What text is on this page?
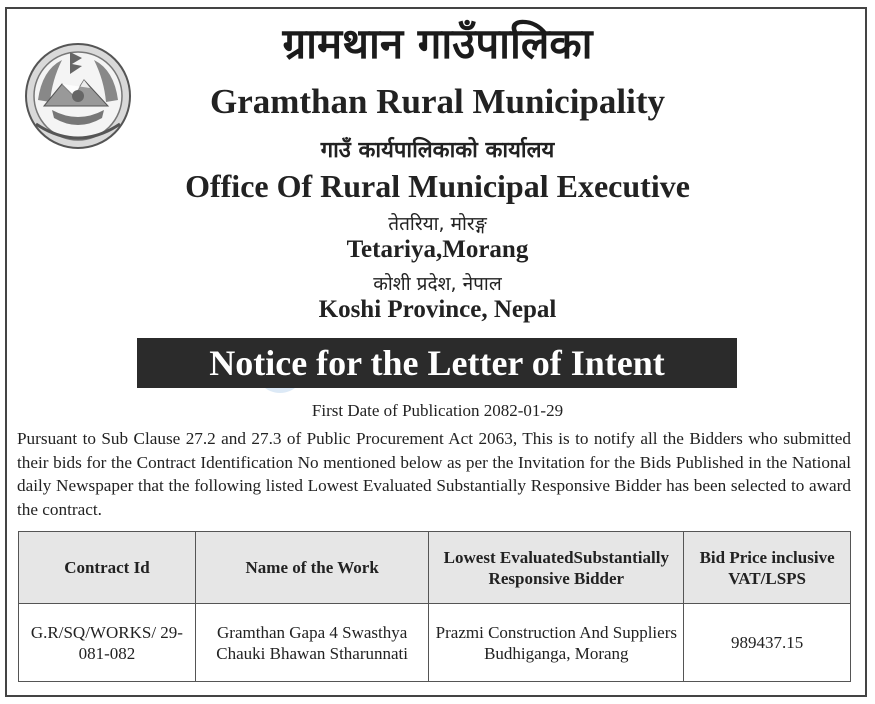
ग्रामथान गाउँपालिका
Gramthan Rural Municipality
गाउँ कार्यपालिकाको कार्यालय
Office Of Rural Municipal Executive
तेतरिया, मोरङ्ग
Tetariya,Morang
कोशी प्रदेश, नेपाल
Koshi Province, Nepal
Notice for the Letter of Intent
First Date of Publication 2082-01-29

Pursuant to Sub Clause 27.2 and 27.3 of Public Procurement Act 2063, This is to notify all the Bidders who submitted their bids for the Contract Identification No mentioned below as per the Invitation for the Bids Published in the National daily Newspaper that the following listed Lowest Evaluated Substantially Responsive Bidder has been selected to award the contract.

Contract Id	Name of the Work	Lowest EvaluatedSubstantially Responsive Bidder	Bid Price inclusive VAT/LSPS
G.R/SQ/WORKS/ 29-081-082	Gramthan Gapa 4 Swasthya Chauki Bhawan Stharunnati	Prazmi Construction And Suppliers Budhiganga, Morang	989437.15
